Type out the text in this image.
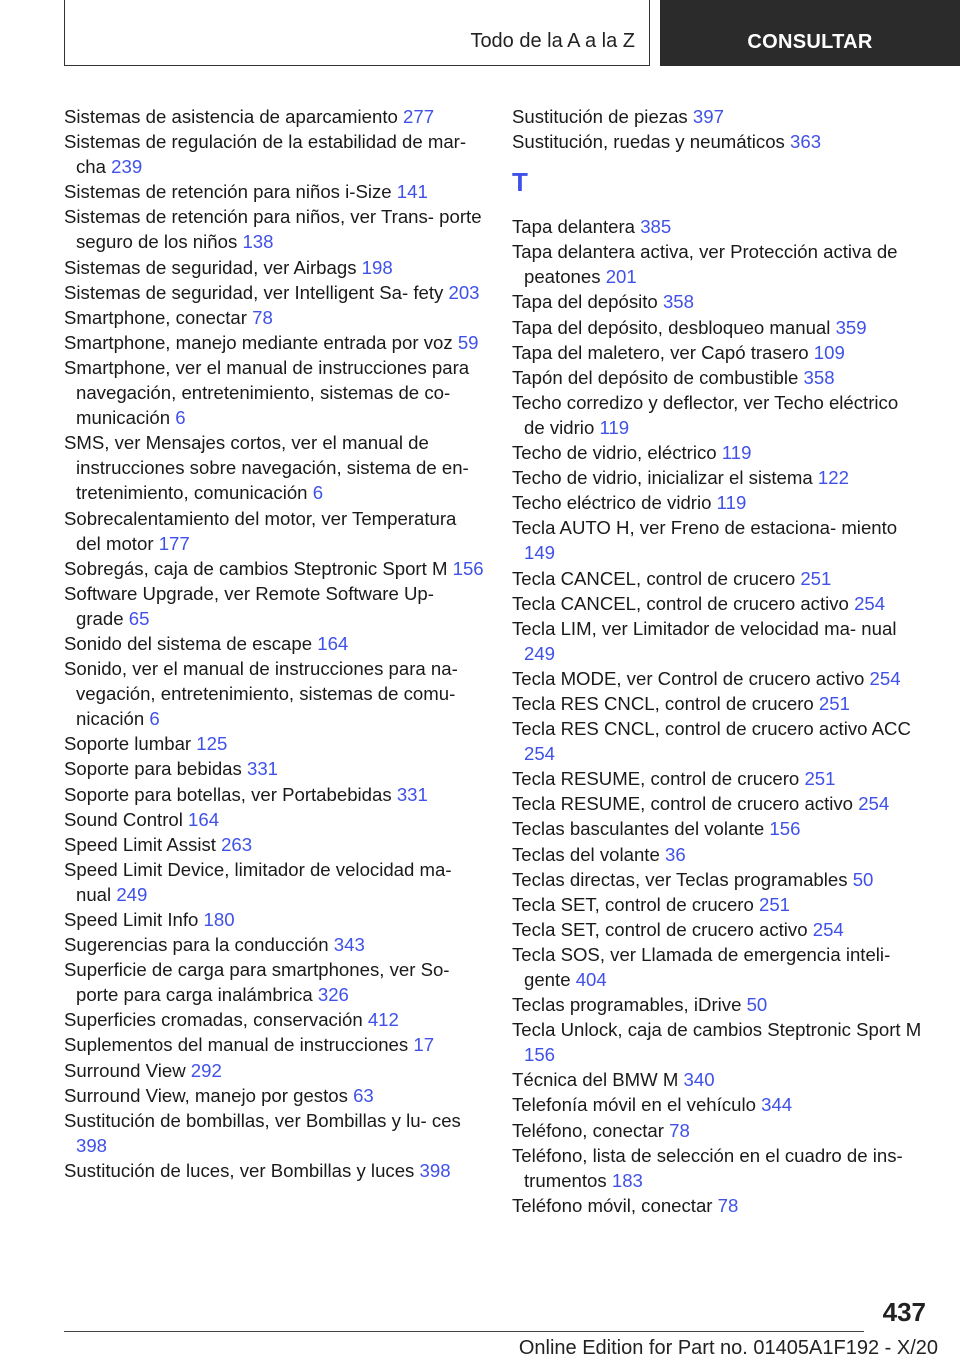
Todo de la A a la Z	CONSULTAR
Sistemas de asistencia de aparcamiento 277
Sistemas de regulación de la estabilidad de mar‐ cha 239
Sistemas de retención para niños i-Size 141
Sistemas de retención para niños, ver Trans‐ porte seguro de los niños 138
Sistemas de seguridad, ver Airbags 198
Sistemas de seguridad, ver Intelligent Sa‐ fety 203
Smartphone, conectar 78
Smartphone, manejo mediante entrada por voz 59
Smartphone, ver el manual de instrucciones para navegación, entretenimiento, sistemas de co‐ municación 6
SMS, ver Mensajes cortos, ver el manual de instrucciones sobre navegación, sistema de en‐ tretenimiento, comunicación 6
Sobrecalentamiento del motor, ver Temperatura del motor 177
Sobregás, caja de cambios Steptronic Sport M 156
Software Upgrade, ver Remote Software Up‐ grade 65
Sonido del sistema de escape 164
Sonido, ver el manual de instrucciones para na‐ vegación, entretenimiento, sistemas de comu‐ nicación 6
Soporte lumbar 125
Soporte para bebidas 331
Soporte para botellas, ver Portabebidas 331
Sound Control 164
Speed Limit Assist 263
Speed Limit Device, limitador de velocidad ma‐ nual 249
Speed Limit Info 180
Sugerencias para la conducción 343
Superficie de carga para smartphones, ver So‐ porte para carga inalámbrica 326
Superficies cromadas, conservación 412
Suplementos del manual de instrucciones 17
Surround View 292
Surround View, manejo por gestos 63
Sustitución de bombillas, ver Bombillas y lu‐ ces 398
Sustitución de luces, ver Bombillas y luces 398
Sustitución de piezas 397
Sustitución, ruedas y neumáticos 363
T
Tapa delantera 385
Tapa delantera activa, ver Protección activa de peatones 201
Tapa del depósito 358
Tapa del depósito, desbloqueo manual 359
Tapa del maletero, ver Capó trasero 109
Tapón del depósito de combustible 358
Techo corredizo y deflector, ver Techo eléctrico de vidrio 119
Techo de vidrio, eléctrico 119
Techo de vidrio, inicializar el sistema 122
Techo eléctrico de vidrio 119
Tecla AUTO H, ver Freno de estaciona‐ miento 149
Tecla CANCEL, control de crucero 251
Tecla CANCEL, control de crucero activo 254
Tecla LIM, ver Limitador de velocidad ma‐ nual 249
Tecla MODE, ver Control de crucero activo 254
Tecla RES CNCL, control de crucero 251
Tecla RES CNCL, control de crucero activo ACC 254
Tecla RESUME, control de crucero 251
Tecla RESUME, control de crucero activo 254
Teclas basculantes del volante 156
Teclas del volante 36
Teclas directas, ver Teclas programables 50
Tecla SET, control de crucero 251
Tecla SET, control de crucero activo 254
Tecla SOS, ver Llamada de emergencia inteli‐ gente 404
Teclas programables, iDrive 50
Tecla Unlock, caja de cambios Steptronic Sport M 156
Técnica del BMW M 340
Telefonía móvil en el vehículo 344
Teléfono, conectar 78
Teléfono, lista de selección en el cuadro de ins‐ trumentos 183
Teléfono móvil, conectar 78
437
Online Edition for Part no. 01405A1F192 - X/20
